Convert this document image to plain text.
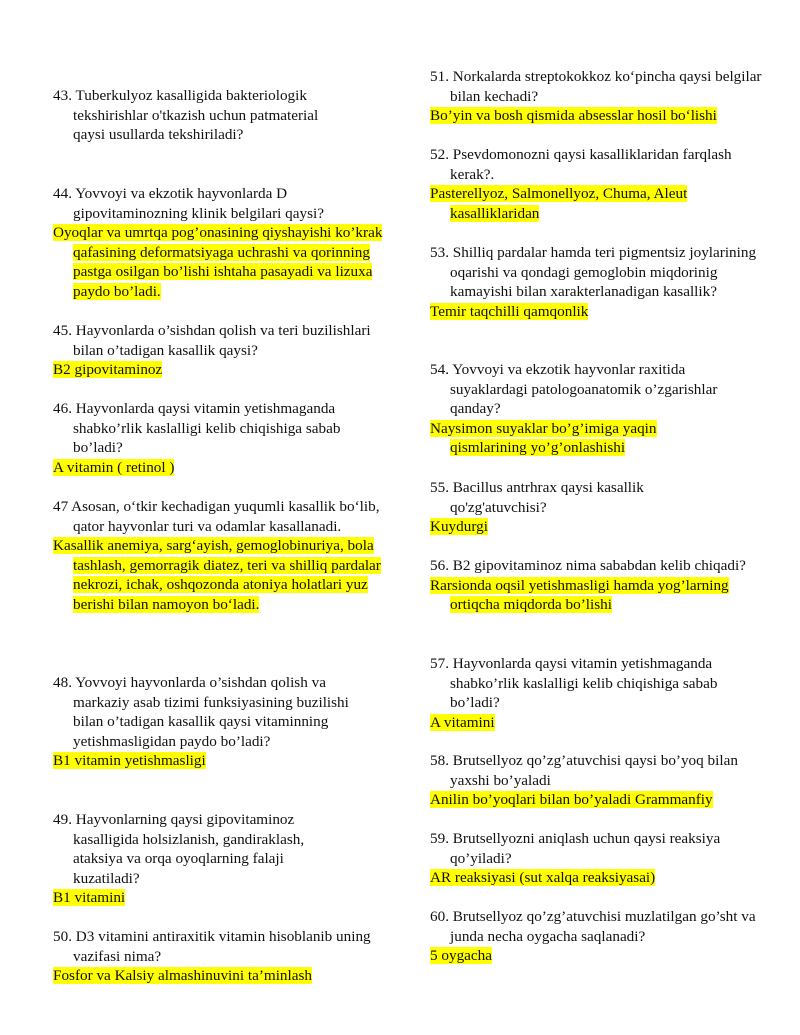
43. Tuberkulyoz kasalligida bakteriologik tekshirishlar o'tkazish uchun patmaterial qaysi usullarda tekshiriladi?

44. Yovvoyi va ekzotik hayvonlarda D gipovitaminozning klinik belgilari qaysi?

Oyoqlar va umrtqa pog’onasining qiyshayishi ko’krak qafasining deformatsiyaga uchrashi va qorinning pastga osilgan bo’lishi ishtaha pasayadi va lizuxa paydo bo’ladi.

45. Hayvonlarda o’sishdan qolish va teri buzilishlari bilan o’tadigan kasallik qaysi?

B2 gipovitaminoz

46. Hayvonlarda qaysi vitamin yetishmaganda shabko’rlik kaslalligi kelib chiqishiga sabab bo’ladi?

A vitamin ( retinol )

47 Asosan, o‘tkir kechadigan yuqumli kasallik bo‘lib, qator hayvonlar turi va odamlar kasallanadi.

Kasallik anemiya, sarg‘ayish, gemoglobinuriya, bola tashlash, gemorragik diatez, teri va shilliq pardalar nekrozi, ichak, oshqozonda atoniya holatlari yuz berishi bilan namoyon bo‘ladi.

48. Yovvoyi hayvonlarda o’sishdan qolish va markaziy asab tizimi funksiyasining buzilishi bilan o’tadigan kasallik qaysi vitaminning yetishmasligidan paydo bo’ladi?

B1 vitamin yetishmasligi

49. Hayvonlarning qaysi gipovitaminoz kasalligida holsizlanish, gandiraklash, ataksiya va orqa oyoqlarning falaji kuzatiladi?

B1 vitamini

50. D3 vitamini antiraxitik vitamin hisoblanib uning vazifasi nima?

Fosfor va Kalsiy almashinuvini ta’minlash

51. Norkalarda streptokokkoz ko‘pincha qaysi belgilar bilan kechadi?

Bo’yin va bosh qismida absesslar hosil bo‘lishi

52. Psevdomonozni qaysi kasalliklaridan farqlash kerak?.

Pasterellyoz, Salmonellyoz, Chuma, Aleut kasalliklaridan

53. Shilliq pardalar hamda teri pigmentsiz joylarining oqarishi va qondagi gemoglobin miqdorinig kamayishi bilan xarakterlanadigan kasallik?

Temir taqchilli qamqonlik

54. Yovvoyi va ekzotik hayvonlar raxitida suyaklardagi patologoanatomik o’zgarishlar qanday?

Naysimon suyaklar bo’g’imiga yaqin qismlarining yo’g’onlashishi

55. Bacillus antrhrax qaysi kasallik qo'zg'atuvchisi?

Kuydurgi

56. B2 gipovitaminoz nima sababdan kelib chiqadi?

Rarsionda oqsil yetishmasligi hamda yog’larning ortiqcha miqdorda bo’lishi

57. Hayvonlarda qaysi vitamin yetishmaganda shabko’rlik kaslalligi kelib chiqishiga sabab bo’ladi?

A vitamini

58. Brutsellyoz qo’zg’atuvchisi qaysi bo’yoq bilan yaxshi bo’yaladi

Anilin bo’yoqlari bilan bo’yaladi Grammanfiy

59. Brutsellyozni aniqlash uchun qaysi reaksiya qo’yiladi?

AR reaksiyasi (sut xalqa reaksiyasai)

60. Brutsellyoz qo’zg’atuvchisi muzlatilgan go’sht va junda necha oygacha saqlanadi?

5 oygacha
